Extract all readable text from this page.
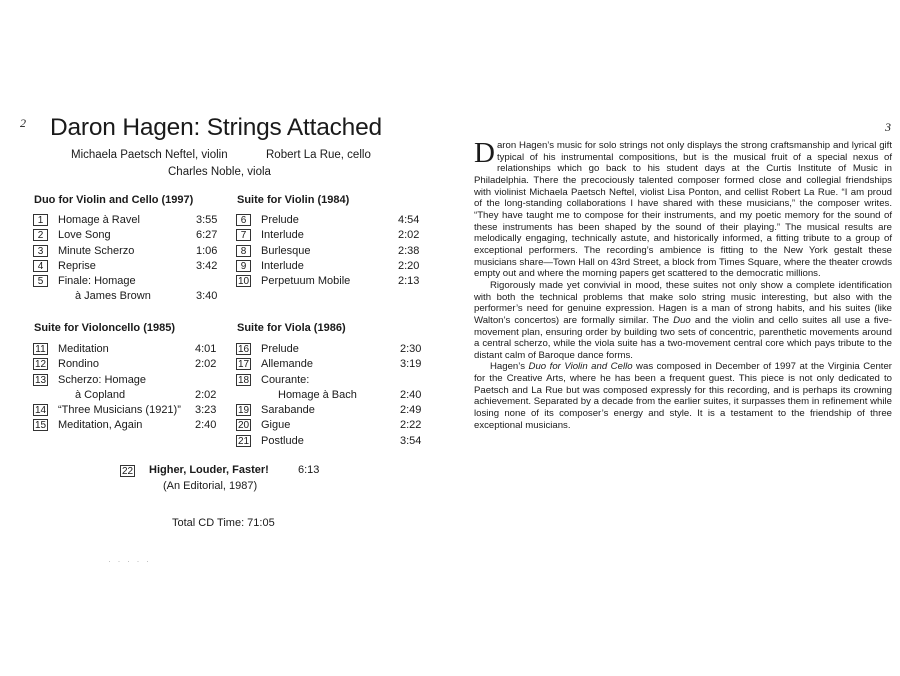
2 Daron Hagen: Strings Attached
Michaela Paetsch Neftel, violin	Robert La Rue, cello
Charles Noble, viola
Duo for Violin and Cello (1997)
1	Homage à Ravel	3:55
2	Love Song	6:27
3	Minute Scherzo	1:06
4	Reprise	3:42
5	Finale: Homage
à James Brown	3:40
Suite for Violin (1984)
6	Prelude	4:54
7	Interlude	2:02
8	Burlesque	2:38
9	Interlude	2:20
10 Perpetuum Mobile	2:13
Suite for Violoncello (1985)
11 Meditation	4:01
12 Rondino	2:02
13 Scherzo: Homage
à Copland	2:02
14 “Three Musicians (1921)” 3:23
15 Meditation, Again	2:40
Suite for Viola (1986)
16 Prelude	2:30
17 Allemande	3:19
18 Courante:
Homage à Bach	2:40
19 Sarabande	2:49
20 Gigue	2:22
21 Postlude	3:54
22 Higher, Louder, Faster!	6:13
(An Editorial, 1987)
Total CD Time: 71:05
· · · · ·
3

Daron Hagen’s music for solo strings not only displays the strong craftsmanship and lyrical gift typical of his instrumental compositions, but is the musical fruit of a special nexus of relationships which go back to his student days at the Curtis Institute of Music in Philadelphia. There the precociously talented composer formed close and collegial friendships with violinist Michaela Paetsch Neftel, violist Lisa Ponton, and cellist Robert La Rue. “I am proud of the long-standing collaborations I have shared with these musicians,” the composer writes. “They have taught me to compose for their instruments, and my poetic memory for the sound of these instruments has been shaped by the sound of their playing.” The musical results are melodically engaging, technically astute, and historically informed, a fitting tribute to a group of exceptional performers. The recording’s ambience is fitting to the New York gestalt these musicians share—Town Hall on 43rd Street, a block from Times Square, where the theater crowds empty out and where the morning papers get scattered to the democratic millions.

Rigorously made yet convivial in mood, these suites not only show a complete identification with both the technical problems that make solo string music interesting, but also with the performer’s need for genuine expression. Hagen is a man of strong habits, and his suites (like Walton’s concertos) are formally similar. The Duo and the violin and cello suites all use a five-movement plan, ensuring order by building two sets of concentric, parenthetic movements around a central scherzo, while the viola suite has a two-movement central core which pays tribute to the distant calm of Baroque dance forms.

Hagen’s Duo for Violin and Cello was composed in December of 1997 at the Virginia Center for the Creative Arts, where he has been a frequent guest. This piece is not only dedicated to Paetsch and La Rue but was composed expressly for this recording, and is perhaps its crowning achievement. Separated by a decade from the earlier suites, it surpasses them in refinement while losing none of its composer’s energy and style. It is a testament to the friendship of three exceptional musicians.
